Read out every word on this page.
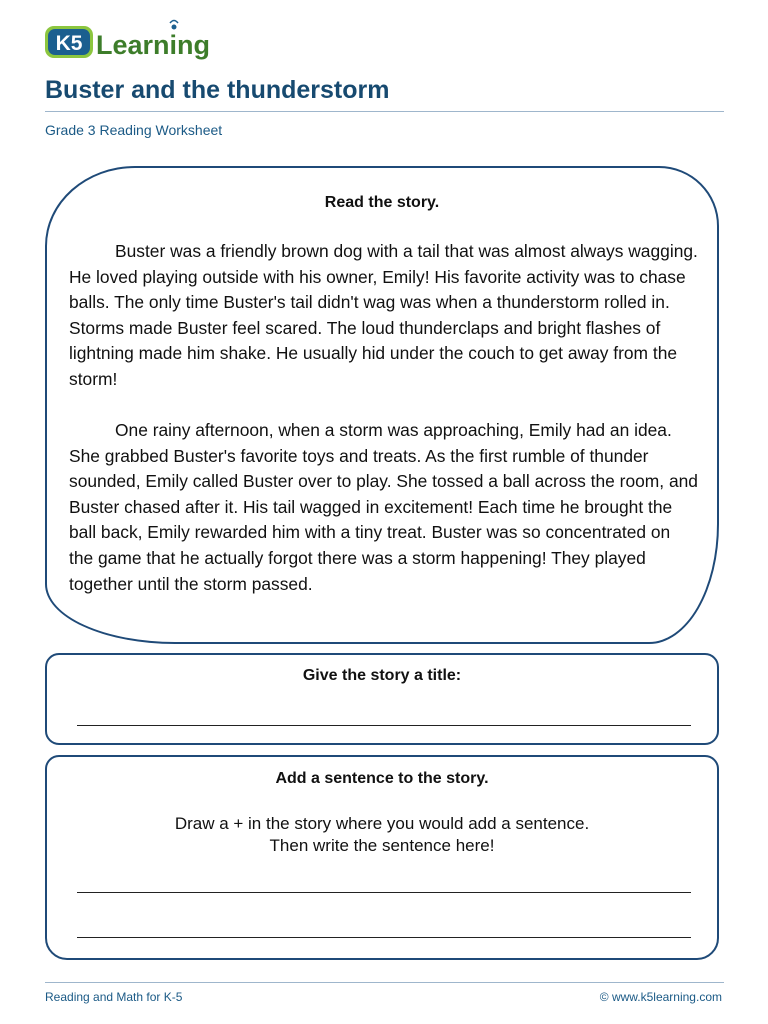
K5 Learning
Buster and the thunderstorm
Grade 3 Reading Worksheet
Read the story.

Buster was a friendly brown dog with a tail that was almost always wagging. He loved playing outside with his owner, Emily! His favorite activity was to chase balls. The only time Buster's tail didn't wag was when a thunderstorm rolled in. Storms made Buster feel scared. The loud thunderclaps and bright flashes of lightning made him shake. He usually hid under the couch to get away from the storm!

One rainy afternoon, when a storm was approaching, Emily had an idea. She grabbed Buster's favorite toys and treats. As the first rumble of thunder sounded, Emily called Buster over to play. She tossed a ball across the room, and Buster chased after it. His tail wagged in excitement! Each time he brought the ball back, Emily rewarded him with a tiny treat. Buster was so concentrated on the game that he actually forgot there was a storm happening! They played together until the storm passed.

Give the story a title:
Add a sentence to the story.
Draw a + in the story where you would add a sentence.
Then write the sentence here!
Reading and Math for K-5	© www.k5learning.com
